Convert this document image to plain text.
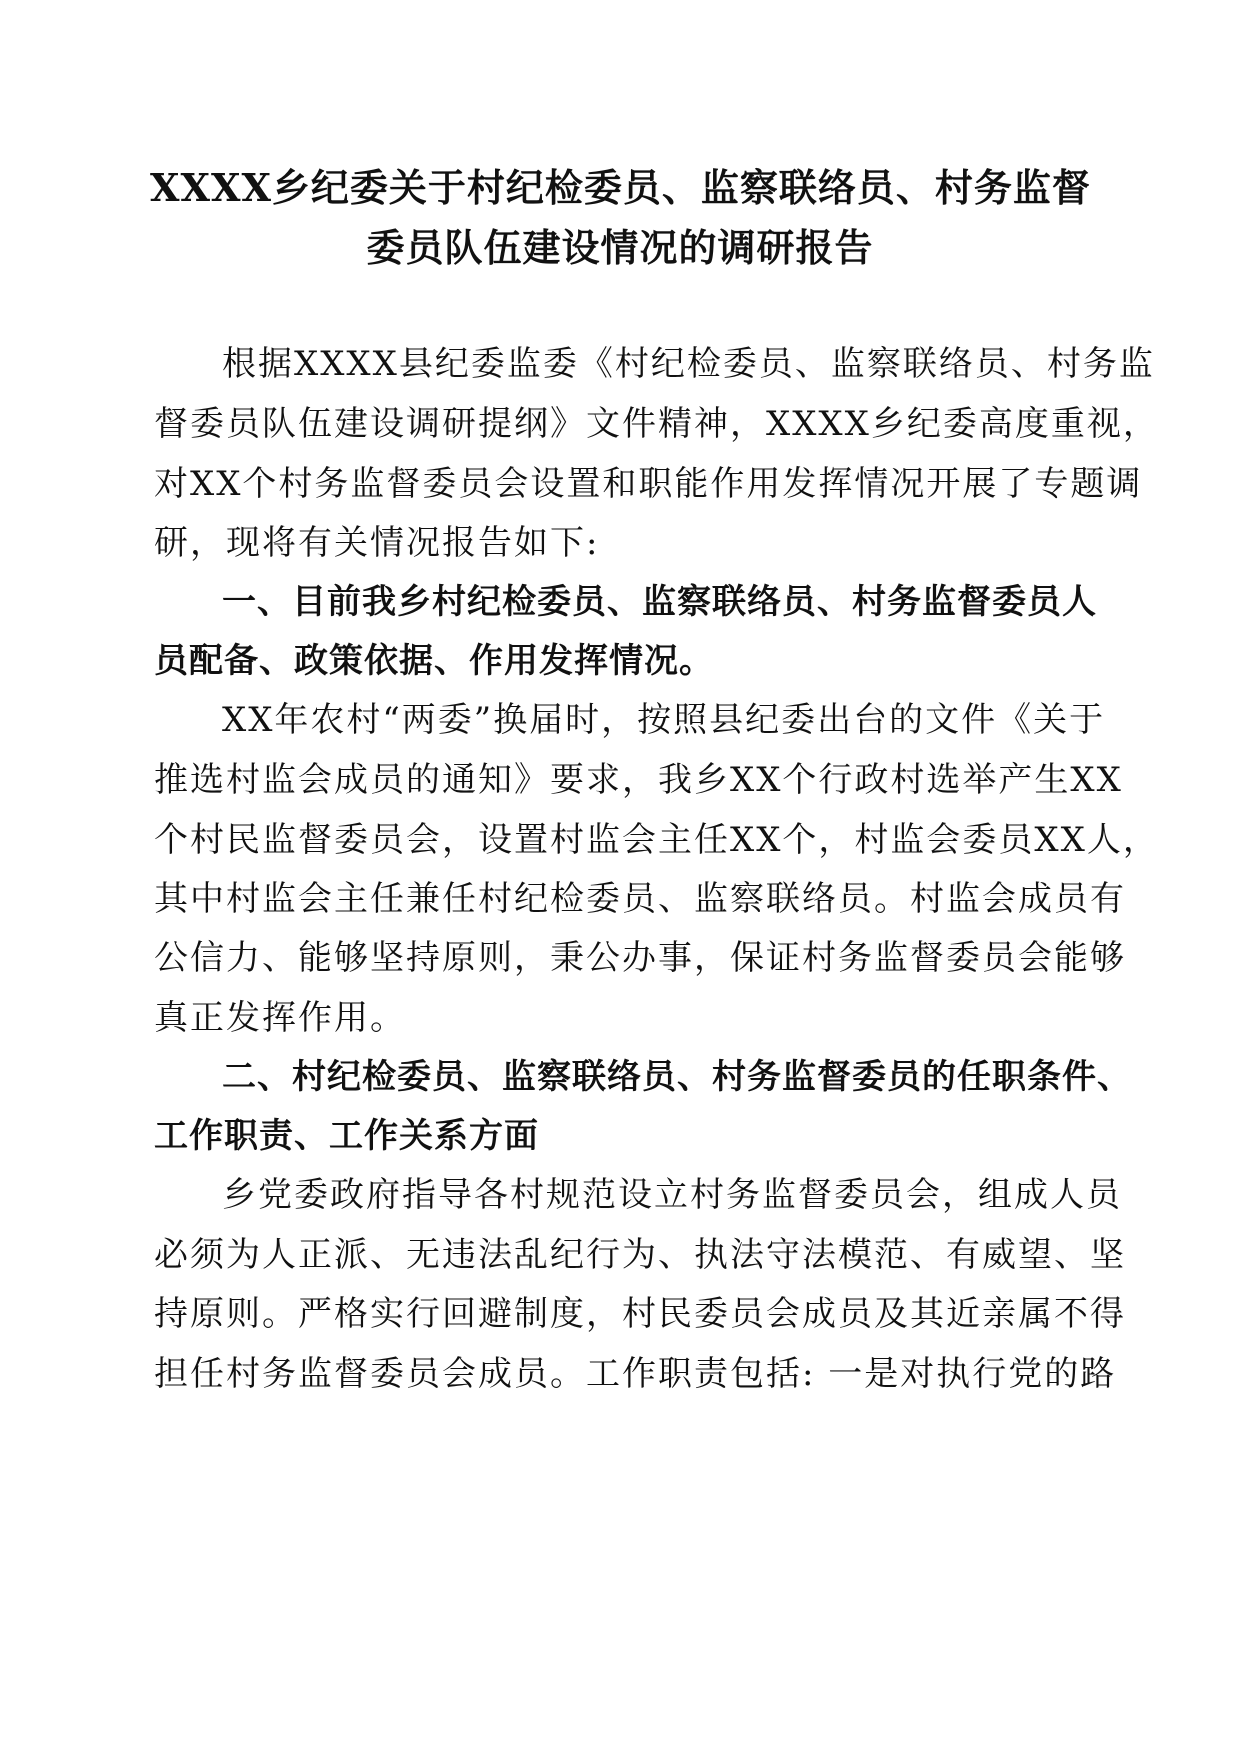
XXXX乡纪委关于村纪检委员、监察联络员、村务监督
委员队伍建设情况的调研报告
根据XXXX县纪委监委《村纪检委员、监察联络员、村务监
督委员队伍建设调研提纲》文件精神，XXXX乡纪委高度重视，
对XX个村务监督委员会设置和职能作用发挥情况开展了专题调
研，现将有关情况报告如下:
一、目前我乡村纪检委员、监察联络员、村务监督委员人
员配备、政策依据、作用发挥情况。
XX年农村“两委”换届时，按照县纪委出台的文件《关于
推选村监会成员的通知》要求，我乡XX个行政村选举产生XX
个村民监督委员会，设置村监会主任XX个，村监会委员XX人，
其中村监会主任兼任村纪检委员、监察联络员。村监会成员有
公信力、能够坚持原则，秉公办事，保证村务监督委员会能够
真正发挥作用。
二、村纪检委员、监察联络员、村务监督委员的任职条件、
工作职责、工作关系方面
乡党委政府指导各村规范设立村务监督委员会，组成人员
必须为人正派、无违法乱纪行为、执法守法模范、有威望、坚
持原则。严格实行回避制度，村民委员会成员及其近亲属不得
担任村务监督委员会成员。工作职责包括: 一是对执行党的路
